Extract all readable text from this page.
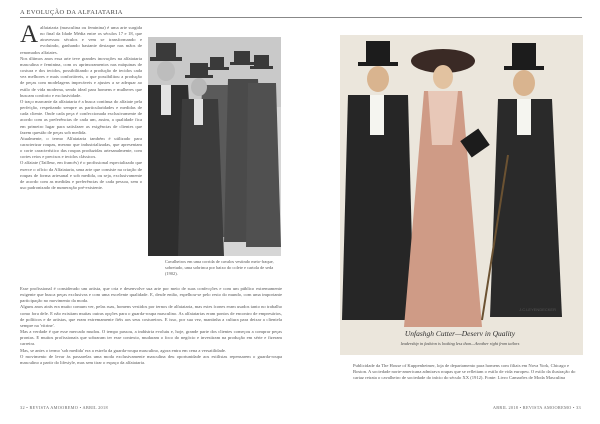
A EVOLUÇÃO DA ALFAIATARIA

Aalfaiataria (masculina ou feminina) é uma arte surgida no final da Idade Média entre os séculos 17 e 18, que atravessou séculos e vem se transformando e evoluindo, ganhando bastante destaque nas mãos de renomados alfaiates.

Nos últimos anos essa arte teve grandes inovações na alfaiataria masculina e feminina, com os aprimoramentos nas máquinas de costura e dos tecidos, possibilitando a produção de tecidos cada vez melhores e mais confortáveis, o que possibilitou a produção de peças com modelagens impecáveis e ajustes a se adequar ao estilo de vida moderna, sendo ideal para homens e mulheres que buscam conforto e exclusividade.

O traço marcante da alfaiataria é a busca contínua do alfaiate pela perfeição, respeitando sempre as particularidades e medidas de cada cliente. Onde cada peça é confeccionada exclusivamente de acordo com as preferências de cada um, assim, a qualidade fica em primeiro lugar para satisfazer as exigências de clientes que fazem questão de peças sob medida.

Atualmente, o termo Alfaiataria também é utilizado para caracterizar roupas, mesmo que industrializadas, que apresentam o corte característico das roupas produzidas artesanalmente, com cortes retos e precisos e tecidos clássicos.

O alfaiate (Tailleur, em francês) é o profissional especializado que exerce o ofício da Alfaiataria, uma arte que consiste na criação de roupas de forma artesanal e sob medida, ou seja, exclusivamente de acordo com as medidas e preferências de cada pessoa, sem o uso padronizado de numeração pré-existente.

Cavalheiros em uma corrida de cavalos vestindo meio-fraque, sobretudo, uma sobrinca por baixo do colete e cartola de seda (1902).

Esse profissional é considerado um artista, que cria e desenvolve sua arte por meio de suas confecções e com um público extremamente exigente que busca peças exclusivas e com uma excelente qualidade. E, desde então, espelhou-se pelo resto do mundo, com uma importante participação no movimento da moda.

Alguns anos atrás era muito comum ver, pelas ruas, homens vestidos por ternos de alfaiataria, mas estes ícones eram usados tanto no trabalho como fora dele. E não existiam muitas outras opções para o guarda-roupa masculino. As alfaiatarias eram pontos de encontro de empresários, de políticos e de artistas, que eram extremamente fiéis aos seus costureiros. E isso, por sua vez, mantinha a cultura para deixar a clientela sempre na 'vitrine'.

Mas a verdade é que esse mercado mudou. O tempo passou, a indústria evoluiu e, hoje, grande parte dos clientes começou a comprar peças prontas. E muitos profissionais que sobraram ter esse contexto, mudaram o foco do negócio e investiram na produção em série e fizeram carreira.

Mas, se antes o termo 'sob medida' era a estrela da guarda-roupa masculino, agora entra em cena a versatilidade.

O movimento de levar às passarelas uma moda exclusivamente masculina deu oportunidade aos estilistas repensarem o guarda-roupa masculino a partir do lifestyle, mas sem tirar o espaço da alfaiataria.

J.C.LEYENDECKER
Unfashgh Cutter—Deserv in Quality
leadership in fashion is looking less than—Another right from tailors
Publicidade da The House of Kuppenheimer, loja de departamento para homens com filiais em Nova York, Chicago e Boston. A sociedade norte-americana admirava roupas que se refletiam o estilo de vida europeu. O estilo da ilustração do cartaz retrata o cavalheiro de sociedade do início do século XX (1912). Fonte: Livro Camarões de Moda Masculina
32 • REVISTA AMOOREMO • ABRIL 2018	ABRIL 2018 • REVISTA AMOOREMO • 33
